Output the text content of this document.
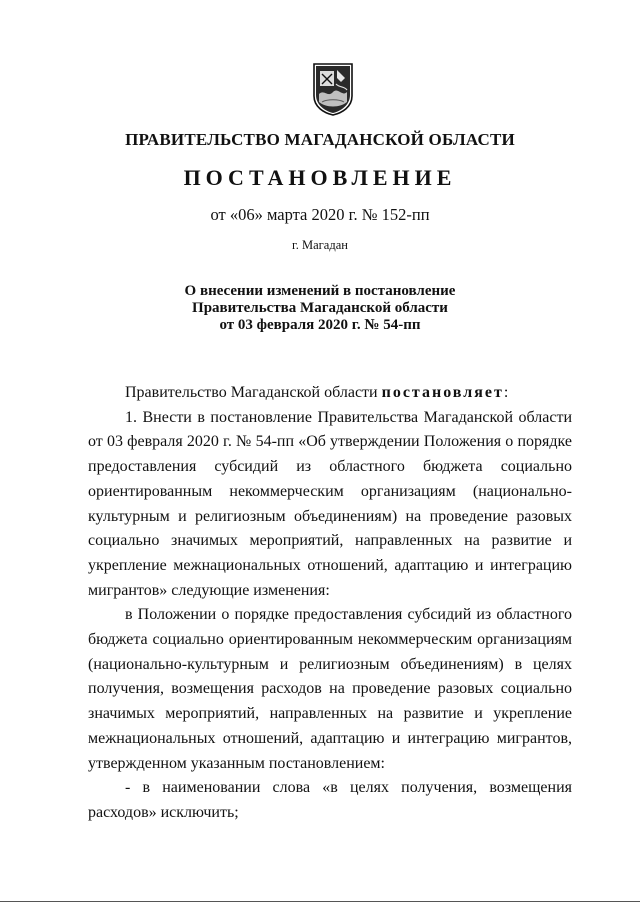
ПРАВИТЕЛЬСТВО МАГАДАНСКОЙ ОБЛАСТИ
ПОСТАНОВЛЕНИЕ
от «06» марта 2020 г. № 152-пп
г. Магадан
О внесении изменений в постановление
Правительства Магаданской области
от 03 февраля 2020 г. № 54-пп

Правительство Магаданской области постановляет:

1. Внести в постановление Правительства Магаданской области от 03 февраля 2020 г. № 54-пп «Об утверждении Положения о порядке предоставления субсидий из областного бюджета социально ориентированным некоммерческим организациям (национально-культурным и религиозным объединениям) на проведение разовых социально значимых мероприятий, направленных на развитие и укрепление межнациональных отношений, адаптацию и интеграцию мигрантов» следующие изменения:

в Положении о порядке предоставления субсидий из областного бюджета социально ориентированным некоммерческим организациям (национально-культурным и религиозным объединениям) в целях получения, возмещения расходов на проведение разовых социально значимых мероприятий, направленных на развитие и укрепление межнациональных отношений, адаптацию и интеграцию мигрантов, утвержденном указанным постановлением:

- в наименовании слова «в целях получения, возмещения расходов» исключить;
